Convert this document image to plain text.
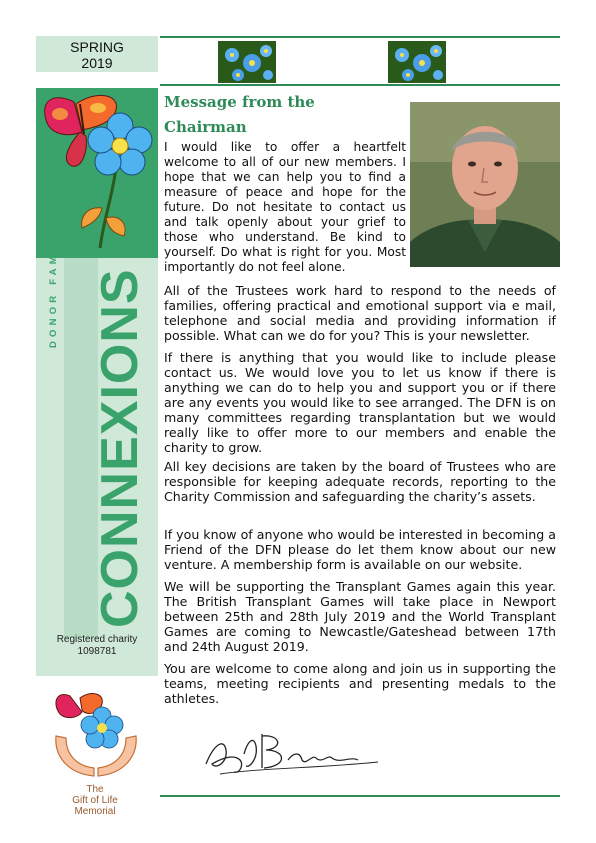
SPRING
2019
DONOR FAMILY NETWORK
CONNEXIONS
Registered charity
1098781
The
Gift of Life
Memorial
Message from the
Chairman

I would like to offer a heartfelt welcome to all of our new members. I hope that we can help you to find a measure of peace and hope for the future. Do not hesitate to contact us and talk openly about your grief to those who understand. Be kind to yourself. Do what is right for you. Most importantly do not feel alone.

All of the Trustees work hard to respond to the needs of families, offering practical and emotional support via e mail, telephone and social media and providing information if possible. What can we do for you? This is your newsletter.

If there is anything that you would like to include please contact us. We would love you to let us know if there is anything we can do to help you and support you or if there are any events you would like to see arranged. The DFN is on many committees regarding transplantation but we would really like to offer more to our members and enable the charity to grow.

All key decisions are taken by the board of Trustees who are responsible for keeping adequate records, reporting to the Charity Commission and safeguarding the charity’s assets.

If you know of anyone who would be interested in becoming a Friend of the DFN please do let them know about our new venture. A membership form is available on our website.

We will be supporting the Transplant Games again this year. The British Transplant Games will take place in Newport between 25th and 28th July 2019 and the World Transplant Games are coming to Newcastle/Gateshead between 17th and 24th August 2019.

You are welcome to come along and join us in supporting the teams, meeting recipients and presenting medals to the athletes.
